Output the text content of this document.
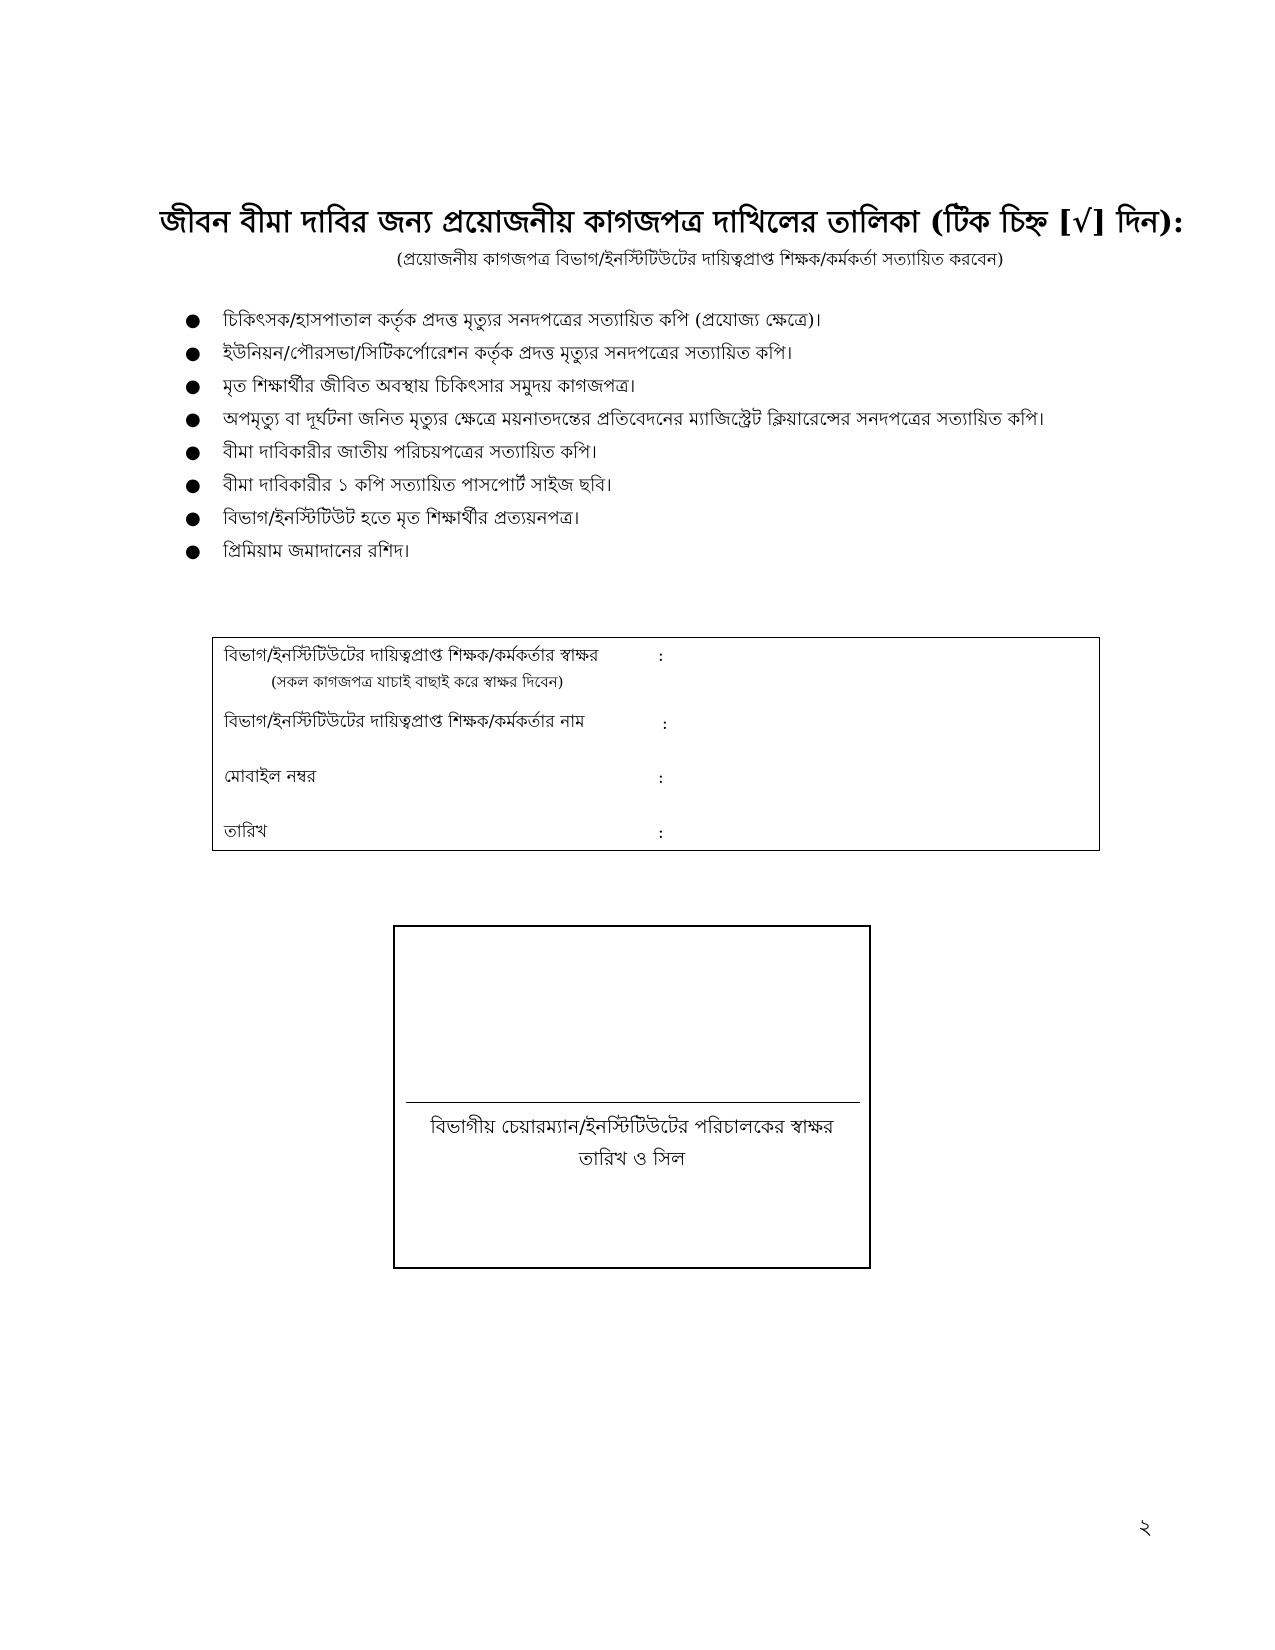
জীবন বীমা দাবির জন্য প্রয়োজনীয় কাগজপত্র দাখিলের তালিকা (টিক চিহ্ন [√] দিন):
(প্রয়োজনীয় কাগজপত্র বিভাগ/ইনস্টিটিউটের দায়িত্বপ্রাপ্ত শিক্ষক/কর্মকর্তা সত্যায়িত করবেন)
● চিকিৎসক/হাসপাতাল কর্তৃক প্রদত্ত মৃত্যুর সনদপত্রের সত্যায়িত কপি (প্রযোজ্য ক্ষেত্রে)।
● ইউনিয়ন/পৌরসভা/সিটিকর্পোরেশন কর্তৃক প্রদত্ত মৃত্যুর সনদপত্রের সত্যায়িত কপি।
● মৃত শিক্ষার্থীর জীবিত অবস্থায় চিকিৎসার সমুদয় কাগজপত্র।
● অপমৃত্যু বা দূর্ঘটনা জনিত মৃত্যুর ক্ষেত্রে ময়নাতদন্তের প্রতিবেদনের ম্যাজিস্ট্রেট ক্লিয়ারেন্সের সনদপত্রের সত্যায়িত কপি।
● বীমা দাবিকারীর জাতীয় পরিচয়পত্রের সত্যায়িত কপি।
● বীমা দাবিকারীর ১ কপি সত্যায়িত পাসপোর্ট সাইজ ছবি।
● বিভাগ/ইনস্টিটিউট হতে মৃত শিক্ষার্থীর প্রত্যয়নপত্র।
● প্রিমিয়াম জমাদানের রশিদ।
বিভাগ/ইনস্টিটিউটের দায়িত্বপ্রাপ্ত শিক্ষক/কর্মকর্তার স্বাক্ষর	:
(সকল কাগজপত্র যাচাই বাছাই করে স্বাক্ষর দিবেন)
বিভাগ/ইনস্টিটিউটের দায়িত্বপ্রাপ্ত শিক্ষক/কর্মকর্তার নাম	:
মোবাইল নম্বর	:
তারিখ	:
বিভাগীয় চেয়ারম্যান/ইনস্টিটিউটের পরিচালকের স্বাক্ষর
তারিখ ও সিল
২
